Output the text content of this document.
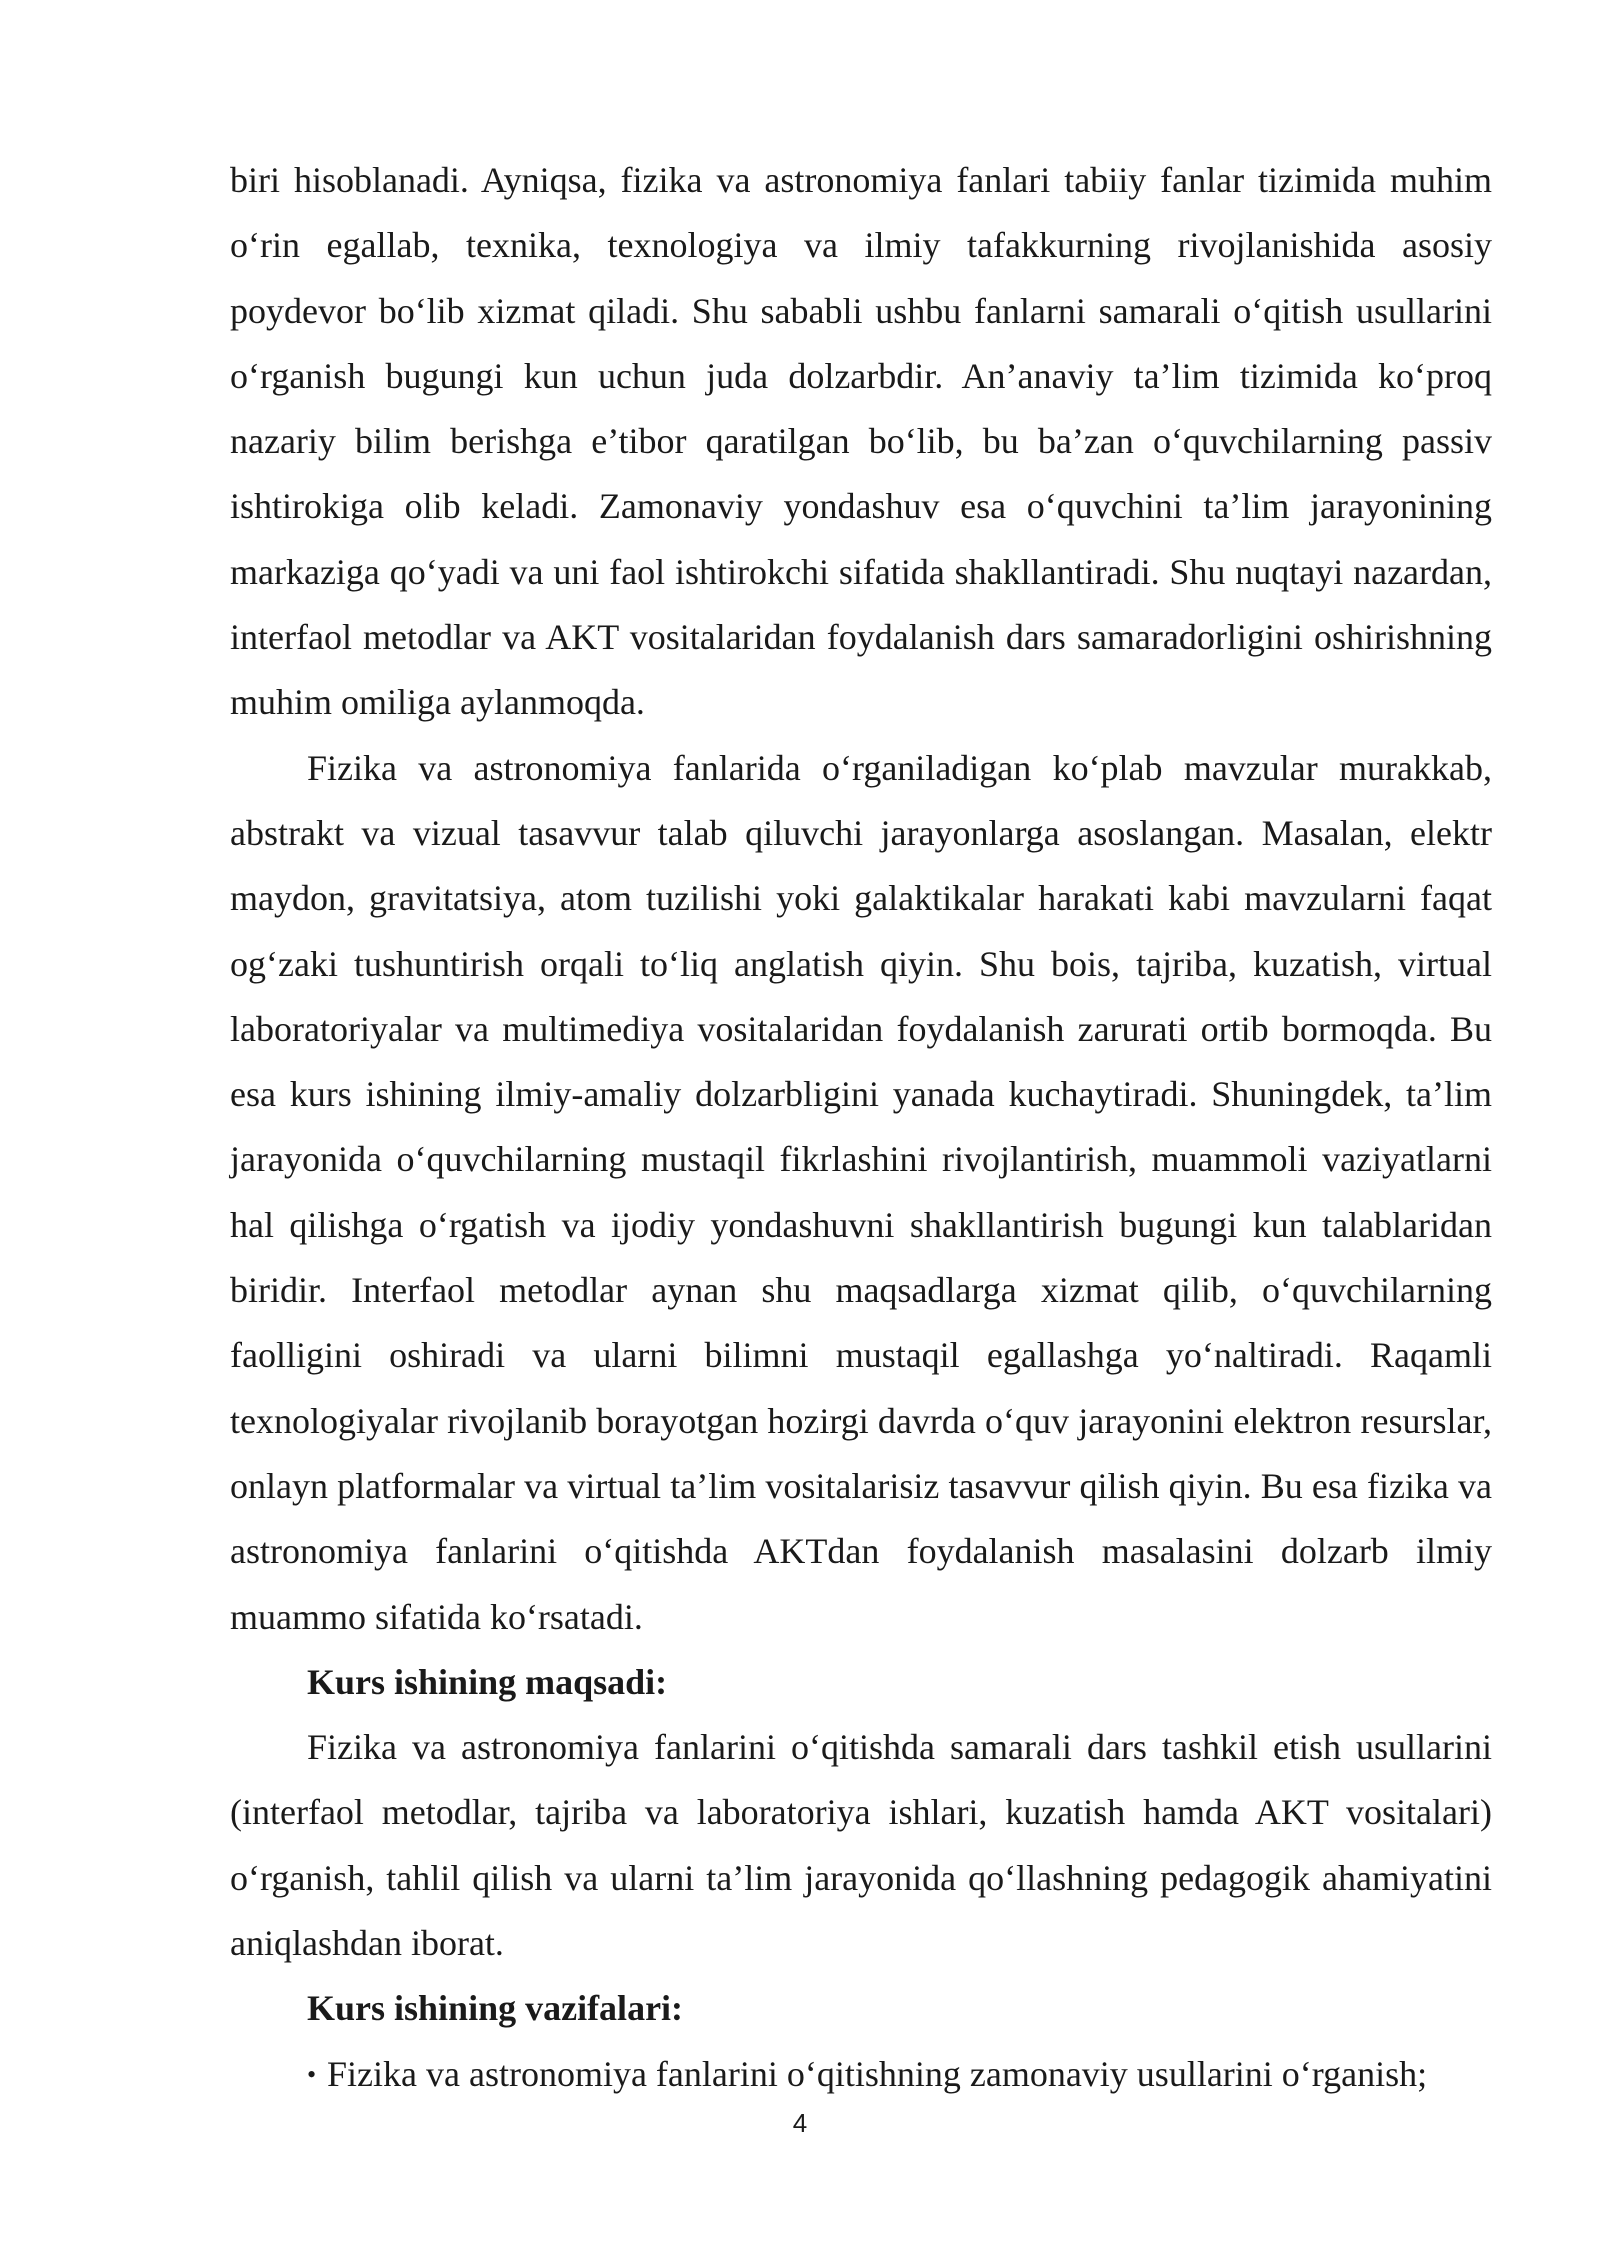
biri hisoblanadi. Ayniqsa, fizika va astronomiya fanlari tabiiy fanlar tizimida muhim o‘rin egallab, texnika, texnologiya va ilmiy tafakkurning rivojlanishida asosiy poydevor bo‘lib xizmat qiladi. Shu sababli ushbu fanlarni samarali o‘qitish usullarini o‘rganish bugungi kun uchun juda dolzarbdir. An’anaviy ta’lim tizimida ko‘proq nazariy bilim berishga e’tibor qaratilgan bo‘lib, bu ba’zan o‘quvchilarning passiv ishtirokiga olib keladi. Zamonaviy yondashuv esa o‘quvchini ta’lim jarayonining markaziga qo‘yadi va uni faol ishtirokchi sifatida shakllantiradi. Shu nuqtayi nazardan, interfaol metodlar va AKT vositalaridan foydalanish dars samaradorligini oshirishning muhim omiliga aylanmoqda.

Fizika va astronomiya fanlarida o‘rganiladigan ko‘plab mavzular murakkab, abstrakt va vizual tasavvur talab qiluvchi jarayonlarga asoslangan. Masalan, elektr maydon, gravitatsiya, atom tuzilishi yoki galaktikalar harakati kabi mavzularni faqat og‘zaki tushuntirish orqali to‘liq anglatish qiyin. Shu bois, tajriba, kuzatish, virtual laboratoriyalar va multimediya vositalaridan foydalanish zarurati ortib bormoqda. Bu esa kurs ishining ilmiy-amaliy dolzarbligini yanada kuchaytiradi. Shuningdek, ta’lim jarayonida o‘quvchilarning mustaqil fikrlashini rivojlantirish, muammoli vaziyatlarni hal qilishga o‘rgatish va ijodiy yondashuvni shakllantirish bugungi kun talablaridan biridir. Interfaol metodlar aynan shu maqsadlarga xizmat qilib, o‘quvchilarning faolligini oshiradi va ularni bilimni mustaqil egallashga yo‘naltiradi. Raqamli texnologiyalar rivojlanib borayotgan hozirgi davrda o‘quv jarayonini elektron resurslar, onlayn platformalar va virtual ta’lim vositalarisiz tasavvur qilish qiyin. Bu esa fizika va astronomiya fanlarini o‘qitishda AKTdan foydalanish masalasini dolzarb ilmiy muammo sifatida ko‘rsatadi.

Kurs ishining maqsadi:

Fizika va astronomiya fanlarini o‘qitishda samarali dars tashkil etish usullarini (interfaol metodlar, tajriba va laboratoriya ishlari, kuzatish hamda AKT vositalari) o‘rganish, tahlil qilish va ularni ta’lim jarayonida qo‘llashning pedagogik ahamiyatini aniqlashdan iborat.

Kurs ishining vazifalari:

• Fizika va astronomiya fanlarini o‘qitishning zamonaviy usullarini o‘rganish;

4
